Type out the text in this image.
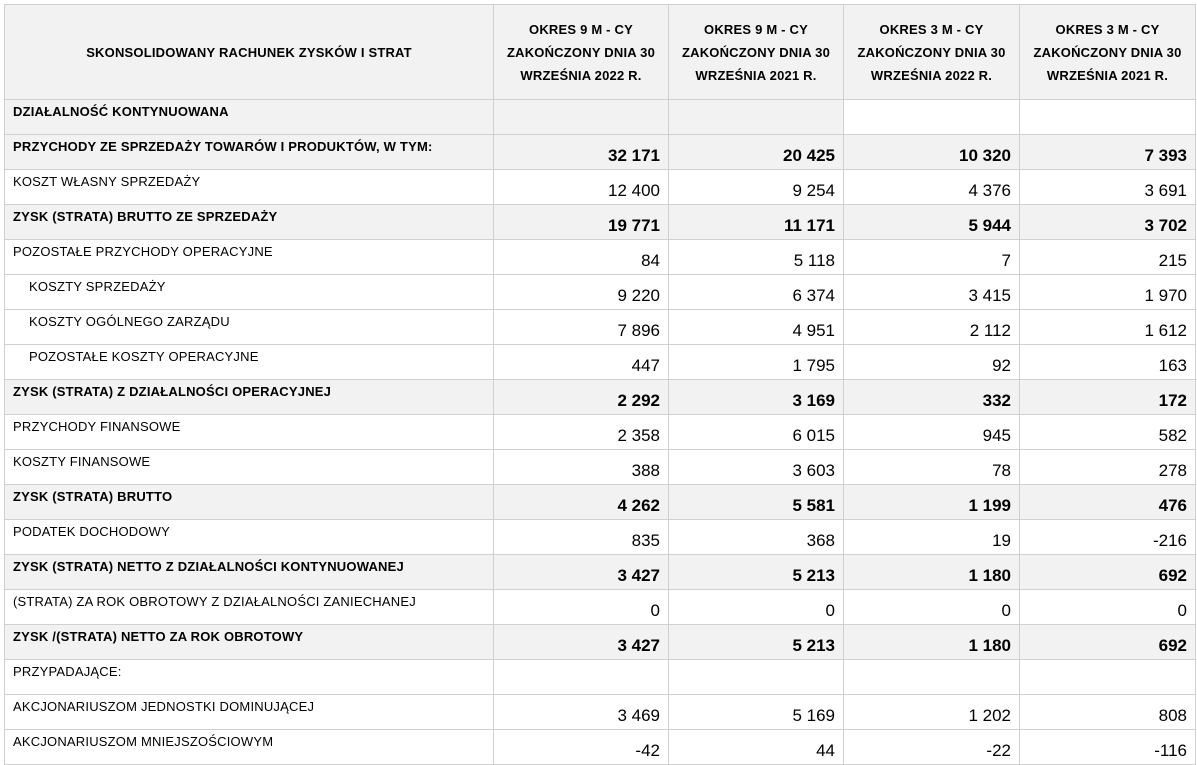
SKONSOLIDOWANY RACHUNEK ZYSKÓW I STRAT	OKRES 9 M - CY
ZAKOŃCZONY DNIA 30
WRZEŚNIA 2022 R.	OKRES 9 M - CY
ZAKOŃCZONY DNIA 30
WRZEŚNIA 2021 R.	OKRES 3 M - CY
ZAKOŃCZONY DNIA 30
WRZEŚNIA 2022 R.	OKRES 3 M - CY
ZAKOŃCZONY DNIA 30
WRZEŚNIA 2021 R.
DZIAŁALNOŚĆ KONTYNUOWANA				
PRZYCHODY ZE SPRZEDAŻY TOWARÓW I PRODUKTÓW, W TYM:	32 171	20 425	10 320	7 393
KOSZT WŁASNY SPRZEDAŻY	12 400	9 254	4 376	3 691
ZYSK (STRATA) BRUTTO ZE SPRZEDAŻY	19 771	11 171	5 944	3 702
POZOSTAŁE PRZYCHODY OPERACYJNE	84	5 118	7	215
KOSZTY SPRZEDAŻY	9 220	6 374	3 415	1 970
KOSZTY OGÓLNEGO ZARZĄDU	7 896	4 951	2 112	1 612
POZOSTAŁE KOSZTY OPERACYJNE	447	1 795	92	163
ZYSK (STRATA) Z DZIAŁALNOŚCI OPERACYJNEJ	2 292	3 169	332	172
PRZYCHODY FINANSOWE	2 358	6 015	945	582
KOSZTY FINANSOWE	388	3 603	78	278
ZYSK (STRATA) BRUTTO	4 262	5 581	1 199	476
PODATEK DOCHODOWY	835	368	19	-216
ZYSK (STRATA) NETTO Z DZIAŁALNOŚCI KONTYNUOWANEJ	3 427	5 213	1 180	692
(STRATA) ZA ROK OBROTOWY Z DZIAŁALNOŚCI ZANIECHANEJ	0	0	0	0
ZYSK /(STRATA) NETTO ZA ROK OBROTOWY	3 427	5 213	1 180	692
PRZYPADAJĄCE:				
AKCJONARIUSZOM JEDNOSTKI DOMINUJĄCEJ	3 469	5 169	1 202	808
AKCJONARIUSZOM MNIEJSZOŚCIOWYM	-42	44	-22	-116
